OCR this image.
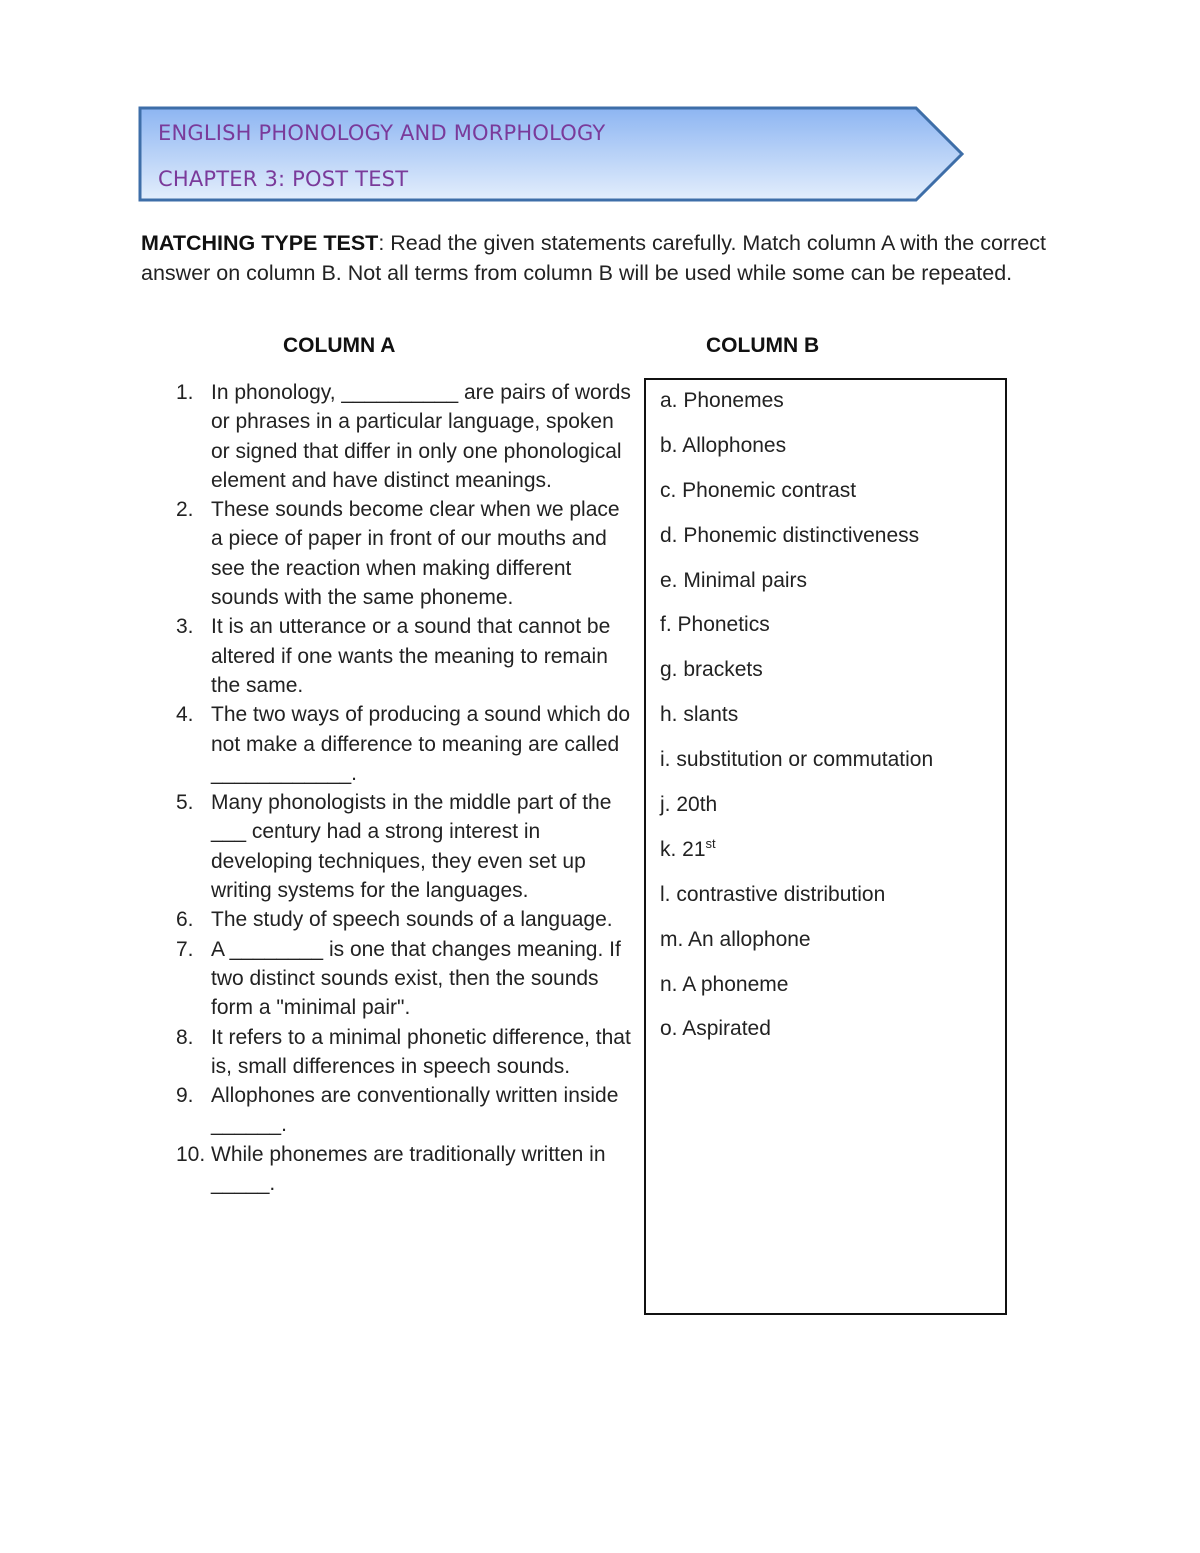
ENGLISH PHONOLOGY AND MORPHOLOGY
CHAPTER 3: POST TEST

MATCHING TYPE TEST: Read the given statements carefully. Match column A with the correct answer on column B. Not all terms from column B will be used while some can be repeated.

COLUMN A	COLUMN B
1. In phonology, __________ are pairs of words or phrases in a particular language, spoken or signed that differ in only one phonological element and have distinct meanings.
2. These sounds become clear when we place a piece of paper in front of our mouths and see the reaction when making different sounds with the same phoneme.
3. It is an utterance or a sound that cannot be altered if one wants the meaning to remain the same.
4. The two ways of producing a sound which do not make a difference to meaning are called ____________.
5. Many phonologists in the middle part of the ___ century had a strong interest in developing techniques, they even set up writing systems for the languages.
6. The study of speech sounds of a language.
7. A ________ is one that changes meaning. If two distinct sounds exist, then the sounds form a "minimal pair".
8. It refers to a minimal phonetic difference, that is, small differences in speech sounds.
9. Allophones are conventionally written inside ______.
10. While phonemes are traditionally written in _____.
a. Phonemes
b. Allophones
c. Phonemic contrast
d. Phonemic distinctiveness
e. Minimal pairs
f. Phonetics
g. brackets
h. slants
i. substitution or commutation
j. 20th
k. 21st
l. contrastive distribution
m. An allophone
n. A phoneme
o. Aspirated
